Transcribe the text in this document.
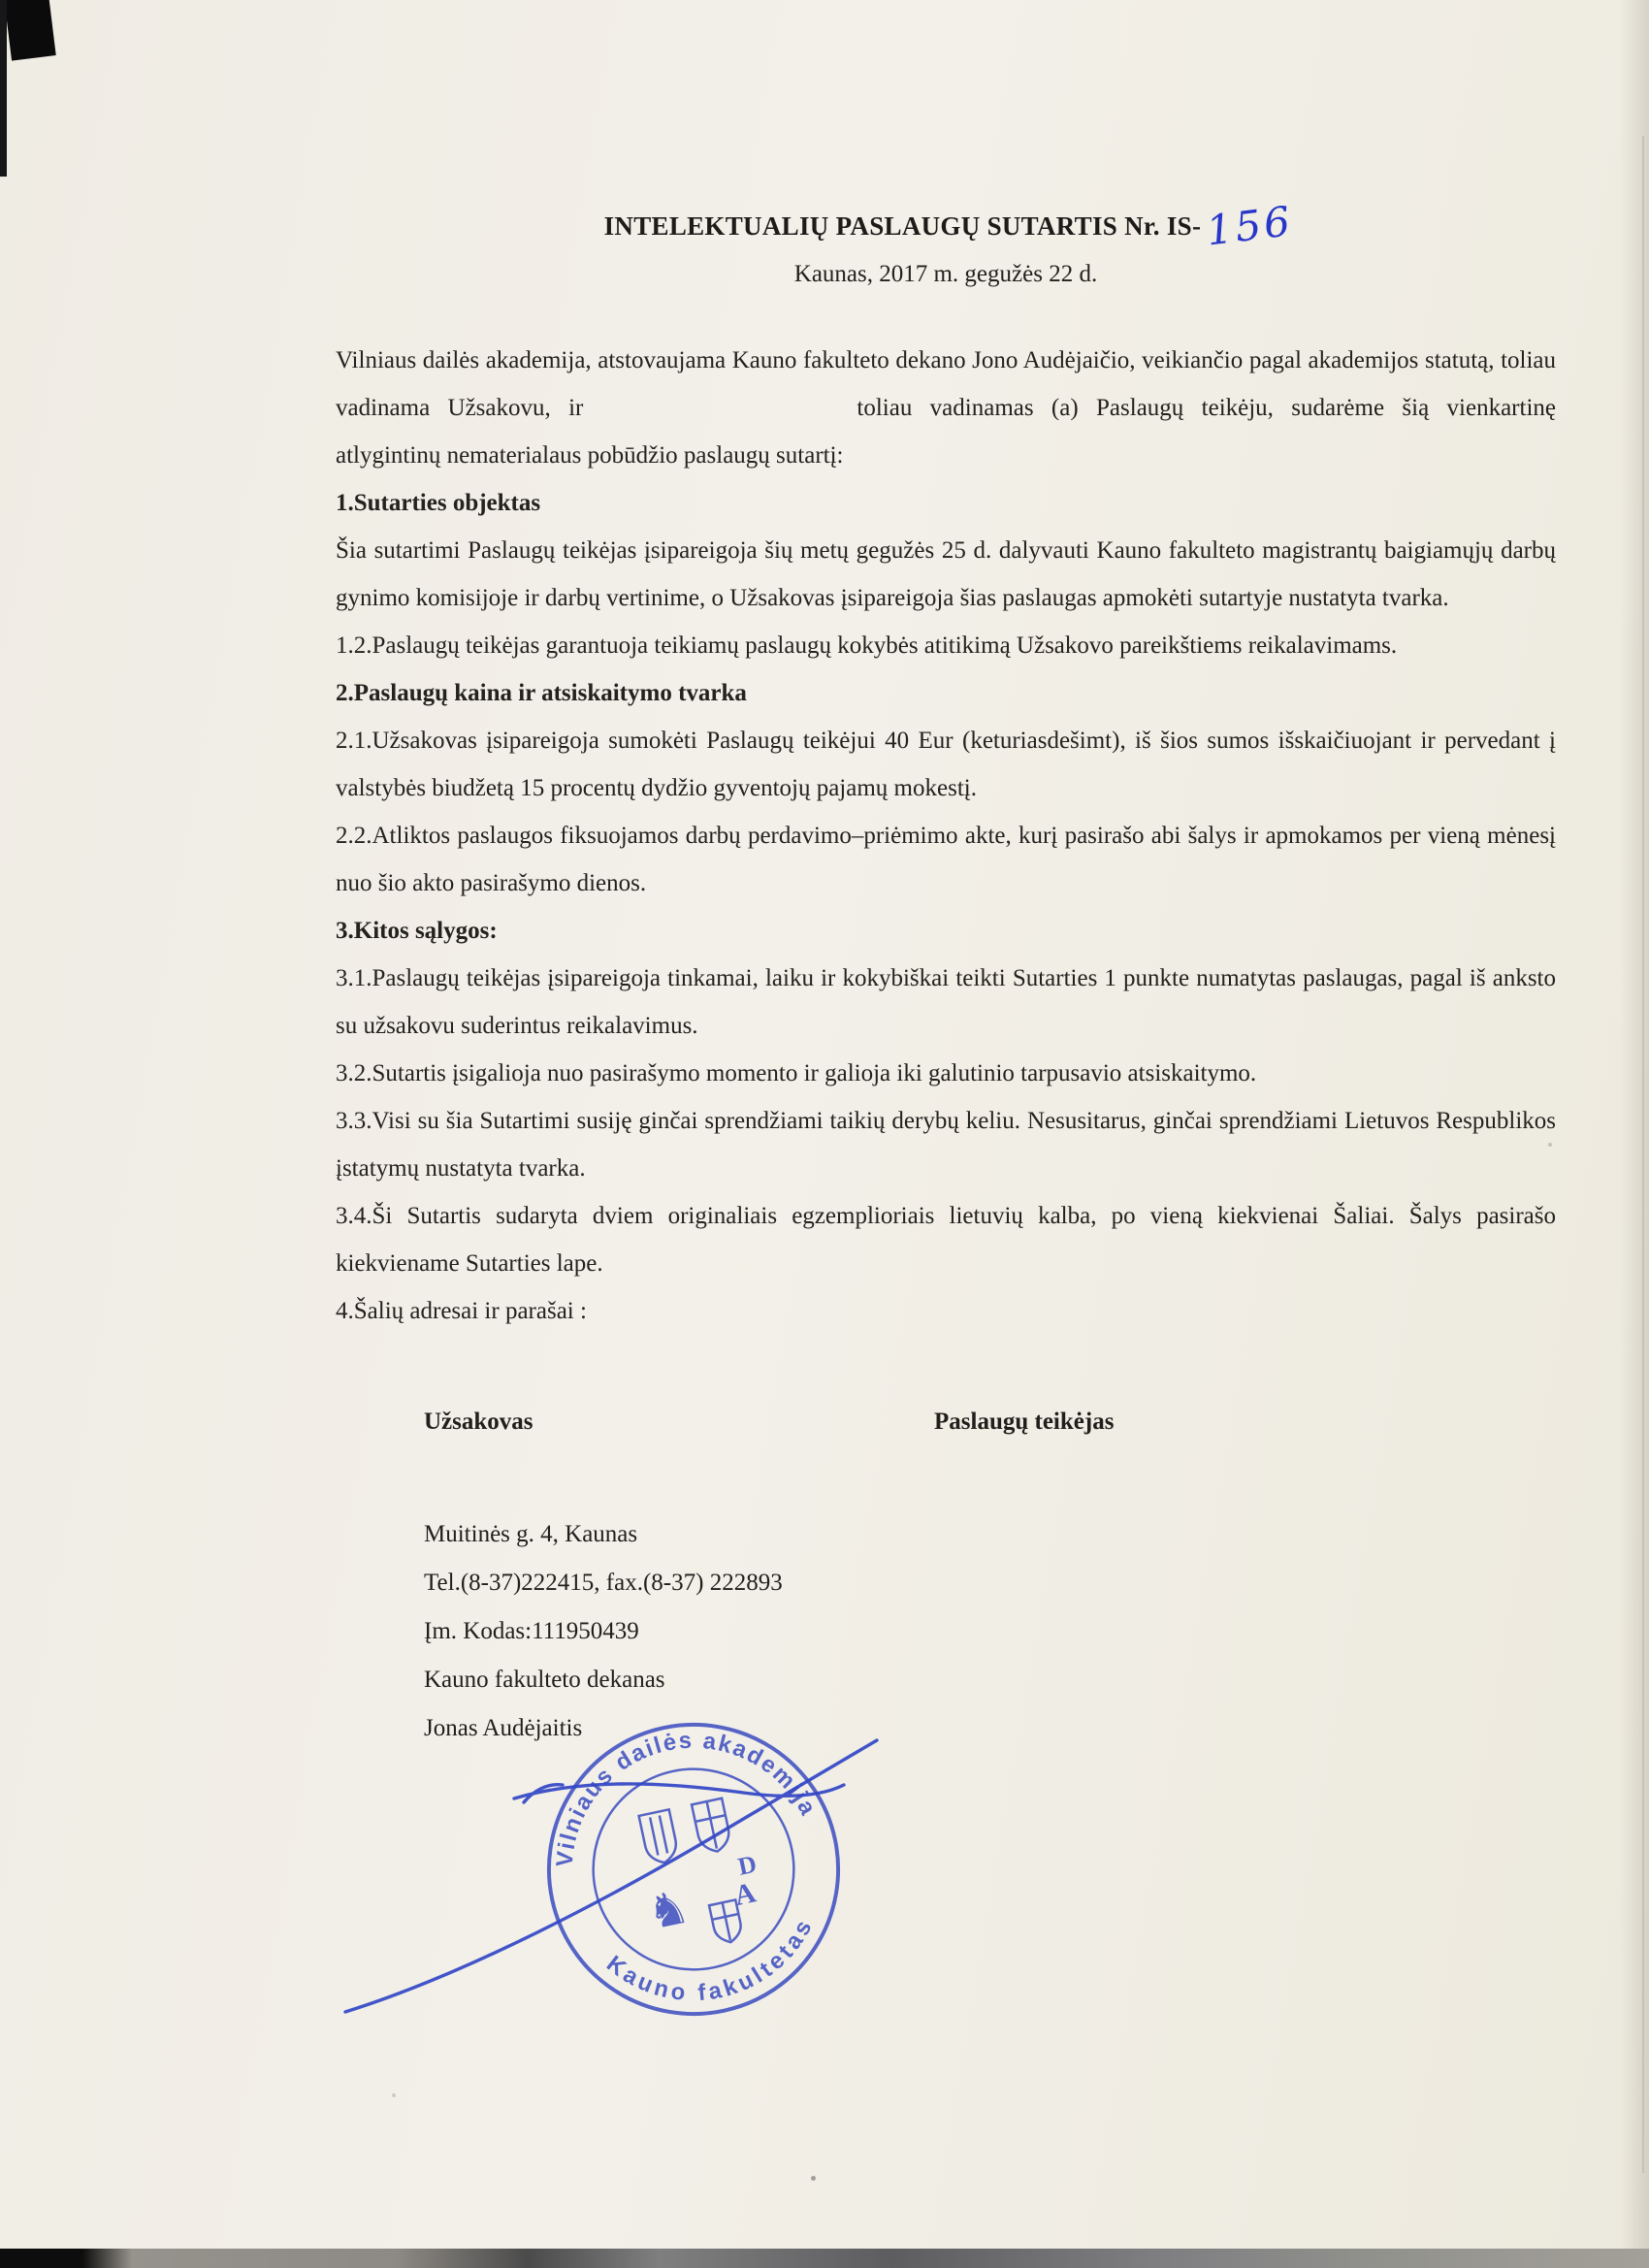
INTELEKTUALIŲ PASLAUGŲ SUTARTIS Nr. IS-156
Kaunas, 2017 m. gegužės 22 d.

Vilniaus dailės akademija, atstovaujama Kauno fakulteto dekano Jono Audėjaičio, veikiančio pagal akademijos statutą, toliau vadinama Užsakovu, ir	toliau vadinamas (a) Paslaugų teikėju, sudarėme šią vienkartinę atlygintinų nematerialaus pobūdžio paslaugų sutartį:

1.Sutarties objektas

Šia sutartimi Paslaugų teikėjas įsipareigoja šių metų gegužės 25 d. dalyvauti Kauno fakulteto magistrantų baigiamųjų darbų gynimo komisijoje ir darbų vertinime, o Užsakovas įsipareigoja šias paslaugas apmokėti sutartyje nustatyta tvarka.

1.2.Paslaugų teikėjas garantuoja teikiamų paslaugų kokybės atitikimą Užsakovo pareikštiems reikalavimams.

2.Paslaugų kaina ir atsiskaitymo tvarka

2.1.Užsakovas įsipareigoja sumokėti Paslaugų teikėjui 40 Eur (keturiasdešimt), iš šios sumos išskaičiuojant ir pervedant į valstybės biudžetą 15 procentų dydžio gyventojų pajamų mokestį.

2.2.Atliktos paslaugos fiksuojamos darbų perdavimo–priėmimo akte, kurį pasirašo abi šalys ir apmokamos per vieną mėnesį nuo šio akto pasirašymo dienos.

3.Kitos sąlygos:

3.1.Paslaugų teikėjas įsipareigoja tinkamai, laiku ir kokybiškai teikti Sutarties 1 punkte numatytas paslaugas, pagal iš anksto su užsakovu suderintus reikalavimus.

3.2.Sutartis įsigalioja nuo pasirašymo momento ir galioja iki galutinio tarpusavio atsiskaitymo.

3.3.Visi su šia Sutartimi susiję ginčai sprendžiami taikių derybų keliu. Nesusitarus, ginčai sprendžiami Lietuvos Respublikos įstatymų nustatyta tvarka.

3.4.Ši Sutartis sudaryta dviem originaliais egzemplioriais lietuvių kalba, po vieną kiekvienai Šaliai. Šalys pasirašo kiekviename Sutarties lape.

4.Šalių adresai ir parašai :

Užsakovas	Paslaugų teikėjas
Muitinės g. 4, Kaunas
Tel.(8-37)222415, fax.(8-37) 222893
Įm. Kodas:111950439
Kauno fakulteto dekanas
Jonas Audėjaitis
Vilniaus dailės akademija
Kauno fakultetas
D
A
♞
